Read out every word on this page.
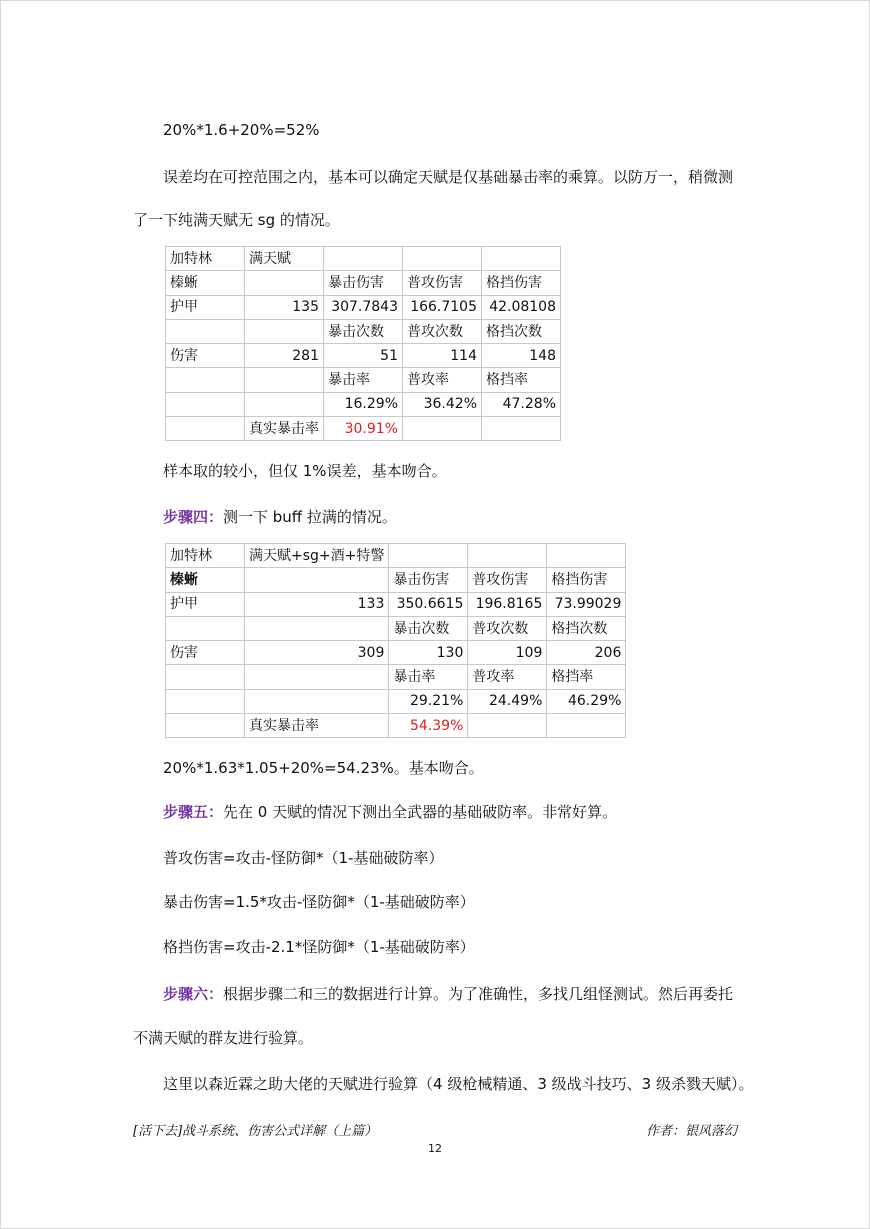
20%*1.6+20%=52%
误差均在可控范围之内，基本可以确定天赋是仅基础暴击率的乘算。以防万一，稍微测
了一下纯满天赋无 sg 的情况。
加特林	满天赋			
榛蜥		暴击伤害	普攻伤害	格挡伤害
护甲	135	307.7843	166.7105	42.08108
		暴击次数	普攻次数	格挡次数
伤害	281	51	114	148
		暴击率	普攻率	格挡率
		16.29%	36.42%	47.28%
	真实暴击率	30.91%		
样本取的较小，但仅 1%误差，基本吻合。
步骤四：测一下 buff 拉满的情况。
加特林	满天赋+sg+酒+特警			
榛蜥		暴击伤害	普攻伤害	格挡伤害
护甲	133	350.6615	196.8165	73.99029
		暴击次数	普攻次数	格挡次数
伤害	309	130	109	206
		暴击率	普攻率	格挡率
		29.21%	24.49%	46.29%
	真实暴击率	54.39%		
20%*1.63*1.05+20%=54.23%。基本吻合。
步骤五：先在 0 天赋的情况下测出全武器的基础破防率。非常好算。
普攻伤害=攻击-怪防御*（1-基础破防率）
暴击伤害=1.5*攻击-怪防御*（1-基础破防率）
格挡伤害=攻击-2.1*怪防御*（1-基础破防率）
步骤六：根据步骤二和三的数据进行计算。为了准确性，多找几组怪测试。然后再委托
不满天赋的群友进行验算。
这里以森近霖之助大佬的天赋进行验算（4 级枪械精通、3 级战斗技巧、3 级杀戮天赋）。
[活下去]战斗系统、伤害公式详解（上篇）	作者：银风落幻
12
